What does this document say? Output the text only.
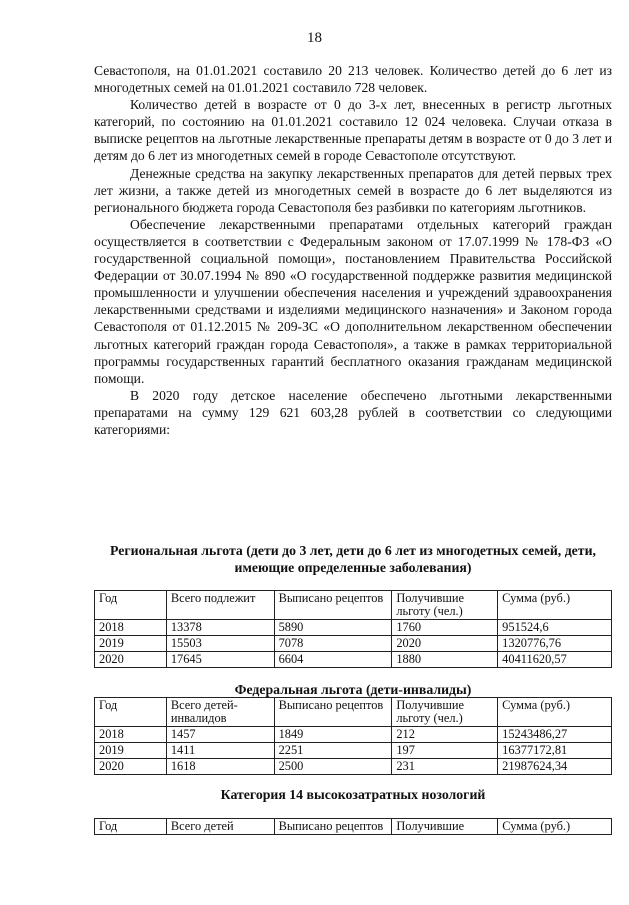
18

Севастополя, на 01.01.2021 составило 20 213 человек. Количество детей до 6 лет из многодетных семей на 01.01.2021 составило 728 человек.

Количество детей в возрасте от 0 до 3-х лет, внесенных в регистр льготных категорий, по состоянию на 01.01.2021 составило 12 024 человека. Случаи отказа в выписке рецептов на льготные лекарственные препараты детям в возрасте от 0 до 3 лет и детям до 6 лет из многодетных семей в городе Севастополе отсутствуют.

Денежные средства на закупку лекарственных препаратов для детей первых трех лет жизни, а также детей из многодетных семей в возрасте до 6 лет выделяются из регионального бюджета города Севастополя без разбивки по категориям льготников.

Обеспечение лекарственными препаратами отдельных категорий граждан осуществляется в соответствии с Федеральным законом от 17.07.1999 № 178-ФЗ «О государственной социальной помощи», постановлением Правительства Российской Федерации от 30.07.1994 № 890 «О государственной поддержке развития медицинской промышленности и улучшении обеспечения населения и учреждений здравоохранения лекарственными средствами и изделиями медицинского назначения» и Законом города Севастополя от 01.12.2015 № 209-ЗС «О дополнительном лекарственном обеспечении льготных категорий граждан города Севастополя», а также в рамках территориальной программы государственных гарантий бесплатного оказания гражданам медицинской помощи.

В 2020 году детское население обеспечено льготными лекарственными препаратами на сумму 129 621 603,28 рублей в соответствии со следующими категориями:

Региональная льгота (дети до 3 лет, дети до 6 лет из многодетных семей, дети, имеющие определенные заболевания)
Год	Всего подлежит	Выписано рецептов	Получившие льготу (чел.)	Сумма (руб.)
2018	13378	5890	1760	951524,6
2019	15503	7078	2020	1320776,76
2020	17645	6604	1880	40411620,57
Федеральная льгота (дети-инвалиды)
Год	Всего детей-инвалидов	Выписано рецептов	Получившие льготу (чел.)	Сумма (руб.)
2018	1457	1849	212	15243486,27
2019	1411	2251	197	16377172,81
2020	1618	2500	231	21987624,34
Категория 14 высокозатратных нозологий
Год	Всего детей	Выписано рецептов	Получившие	Сумма (руб.)
